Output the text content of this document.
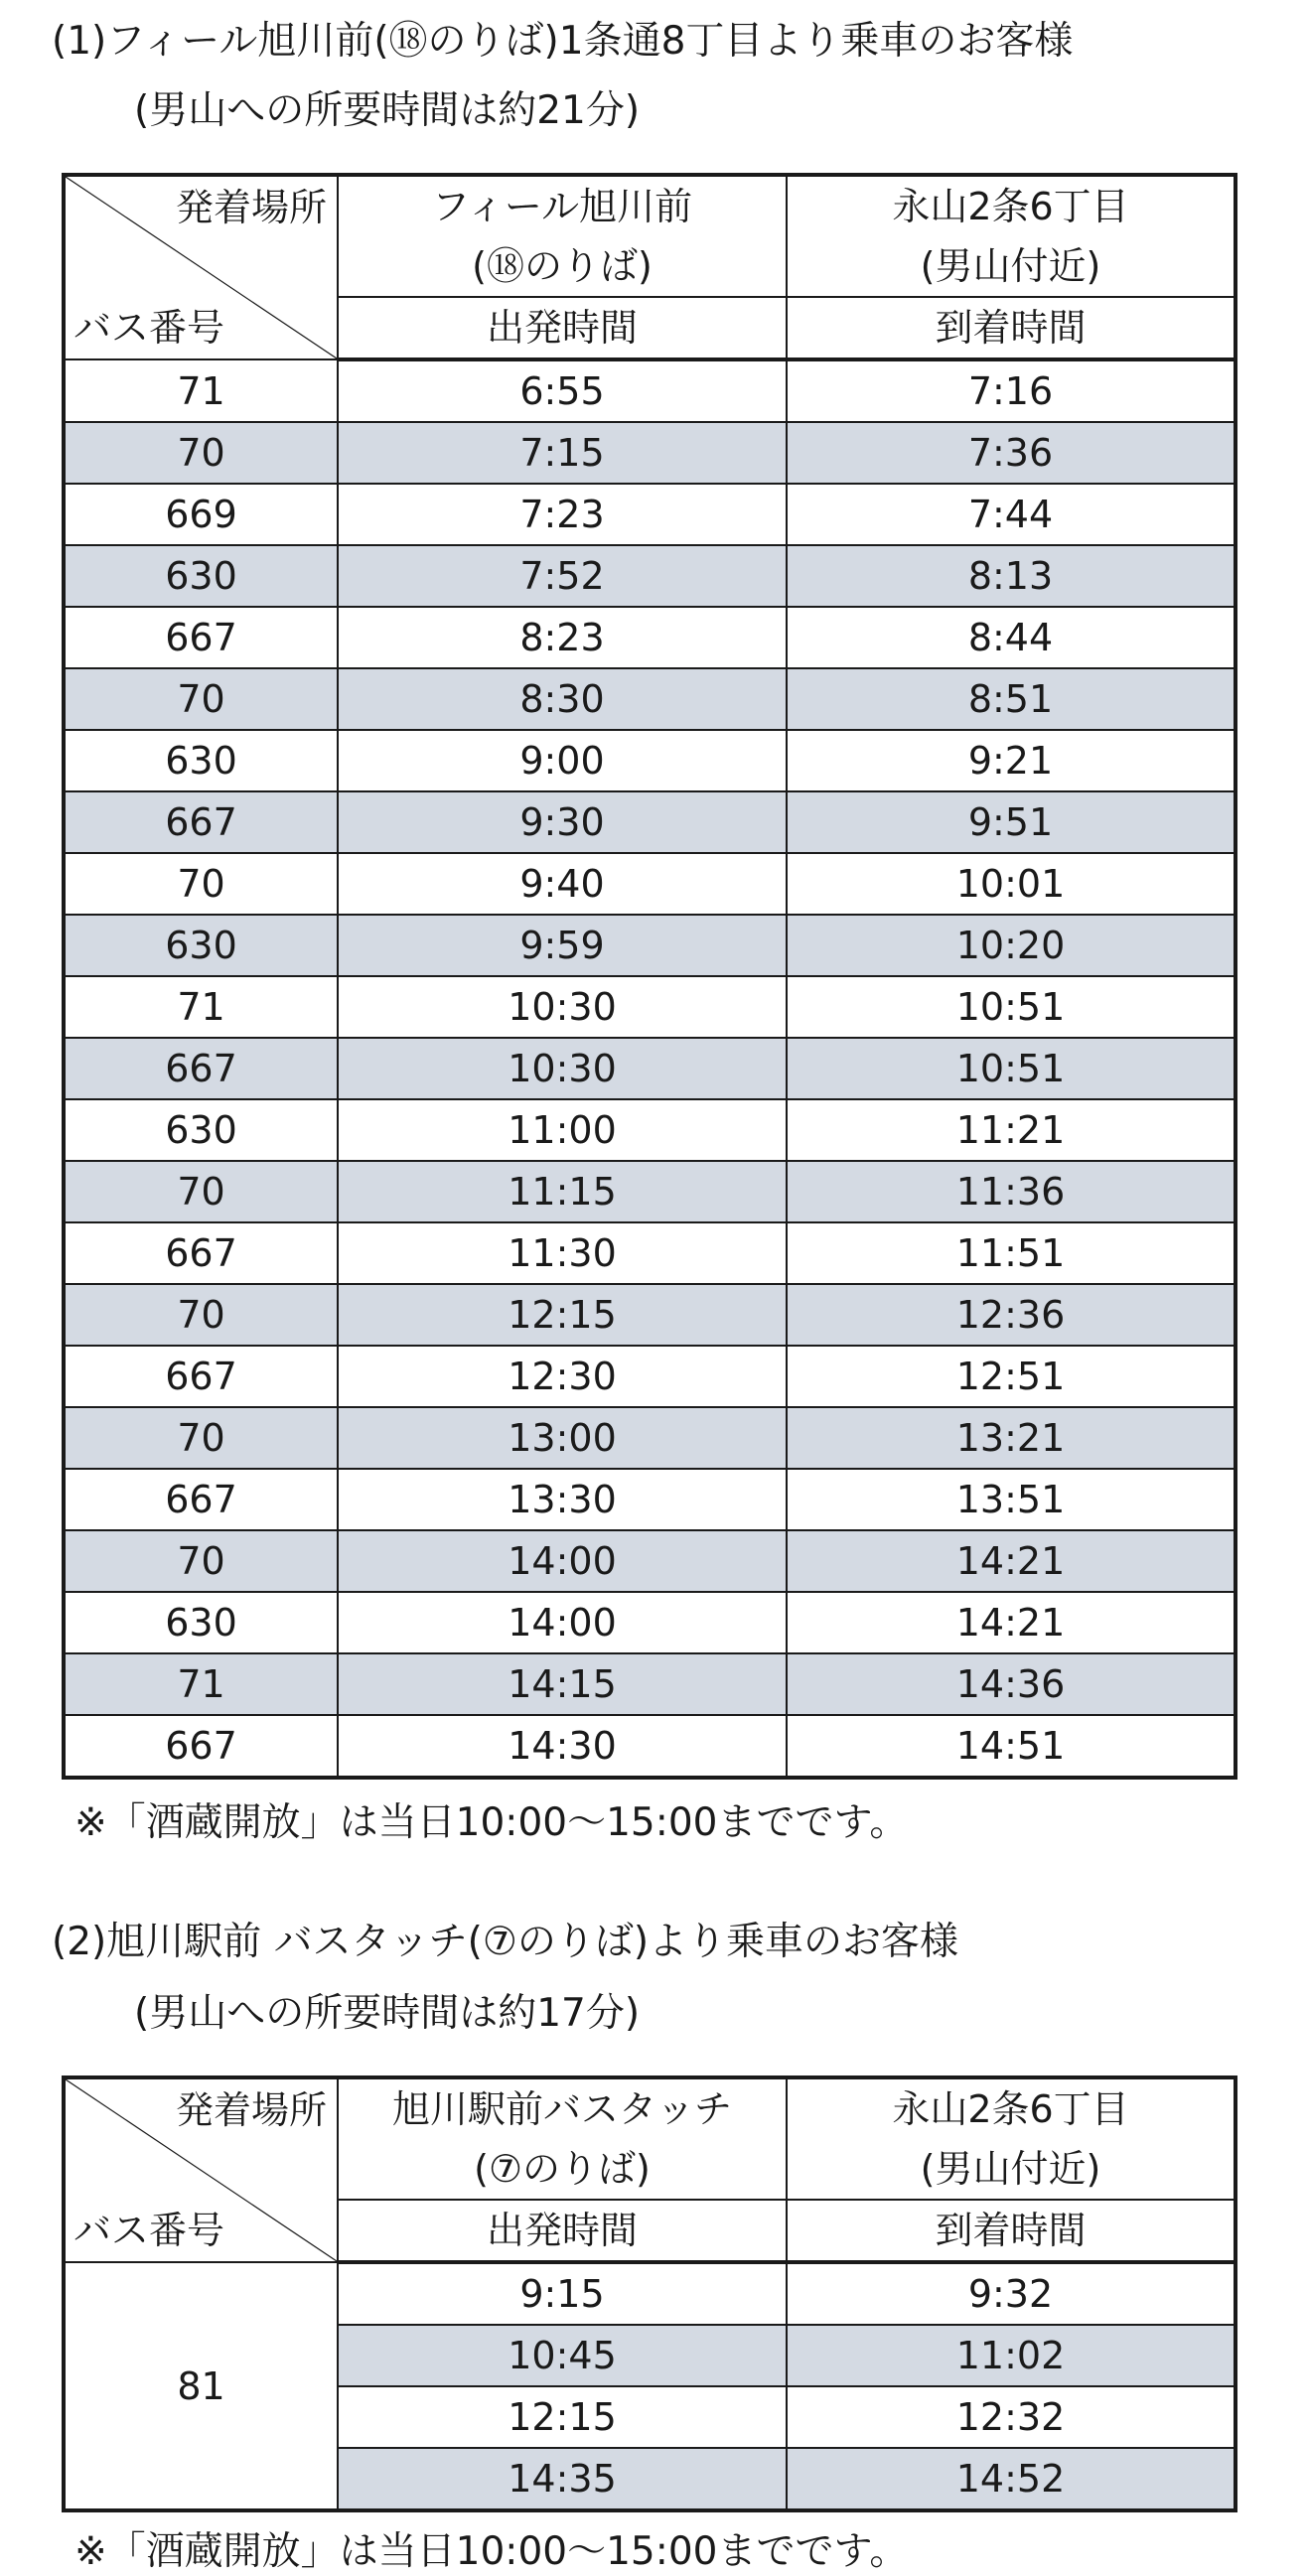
(1)フィール旭川前(⑱のりば)1条通8丁目より乗車のお客様
(男山への所要時間は約21分)
発着場所
バス番号	フィール旭川前
(⑱のりば)	永山2条6丁目
(男山付近)

	出発時間	到着時間
71	6:55	7:16
70	7:15	7:36
669	7:23	7:44
630	7:52	8:13
667	8:23	8:44
70	8:30	8:51
630	9:00	9:21
667	9:30	9:51
70	9:40	10:01
630	9:59	10:20
71	10:30	10:51
667	10:30	10:51
630	11:00	11:21
70	11:15	11:36
667	11:30	11:51
70	12:15	12:36
667	12:30	12:51
70	13:00	13:21
667	13:30	13:51
70	14:00	14:21
630	14:00	14:21
71	14:15	14:36
667	14:30	14:51
※「酒蔵開放」は当日10:00〜15:00までです。
(2)旭川駅前 バスタッチ(⑦のりば)より乗車のお客様
(男山への所要時間は約17分)
発着場所
バス番号	旭川駅前バスタッチ
(⑦のりば)	永山2条6丁目
(男山付近)

	出発時間	到着時間
81	9:15	9:32
	10:45	11:02
	12:15	12:32
	14:35	14:52
※「酒蔵開放」は当日10:00〜15:00までです。
